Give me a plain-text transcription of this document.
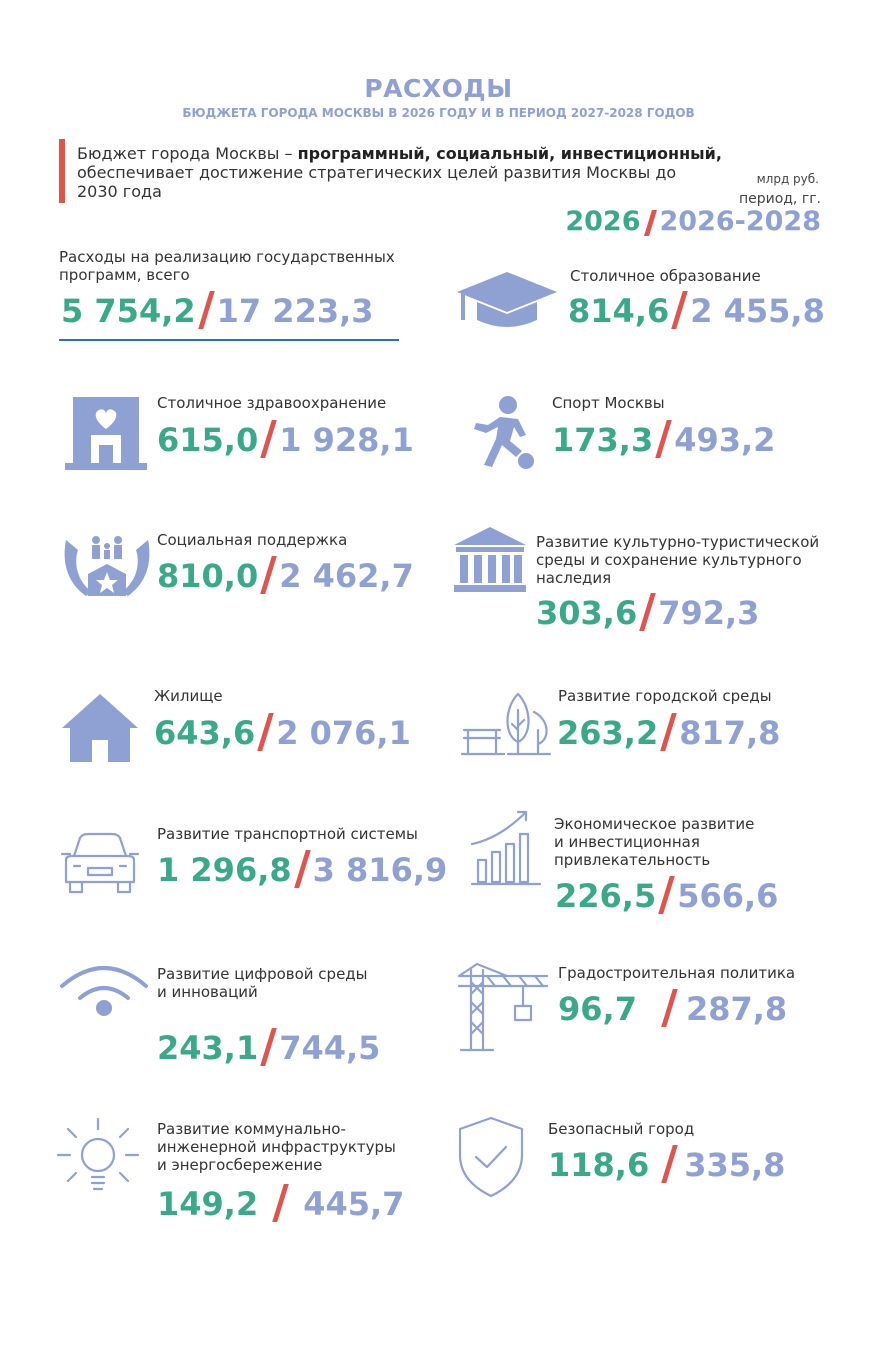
РАСХОДЫ
БЮДЖЕТА ГОРОДА МОСКВЫ В 2026 ГОДУ И В ПЕРИОД 2027-2028 ГОДОВ
Бюджет города Москвы – программный, социальный, инвестиционный,
обеспечивает достижение стратегических целей развития Москвы до 2030 года
млрд руб.
период, гг.
2026 2026-2028
Расходы на реализацию государственных программ, всего
5 754,2 17 223,3
Столичное образование
814,6 2 455,8
Столичное здравоохранение
615,0 1 928,1
Спорт Москвы
173,3 493,2
Социальная поддержка
810,0 2 462,7
Развитие культурно-туристической среды и сохранение культурного наследия
303,6 792,3
Жилище
643,6 2 076,1
Развитие городской среды
263,2 817,8
Развитие транспортной системы
1 296,8 3 816,9
Экономическое развитие
и инвестиционная
привлекательность
226,5 566,6
Развитие цифровой среды
и инноваций
243,1 744,5
Градостроительная политика
96,7 287,8
Развитие коммунально-
инженерной инфраструктуры
и энергосбережение
149,2 445,7
Безопасный город
118,6 335,8
